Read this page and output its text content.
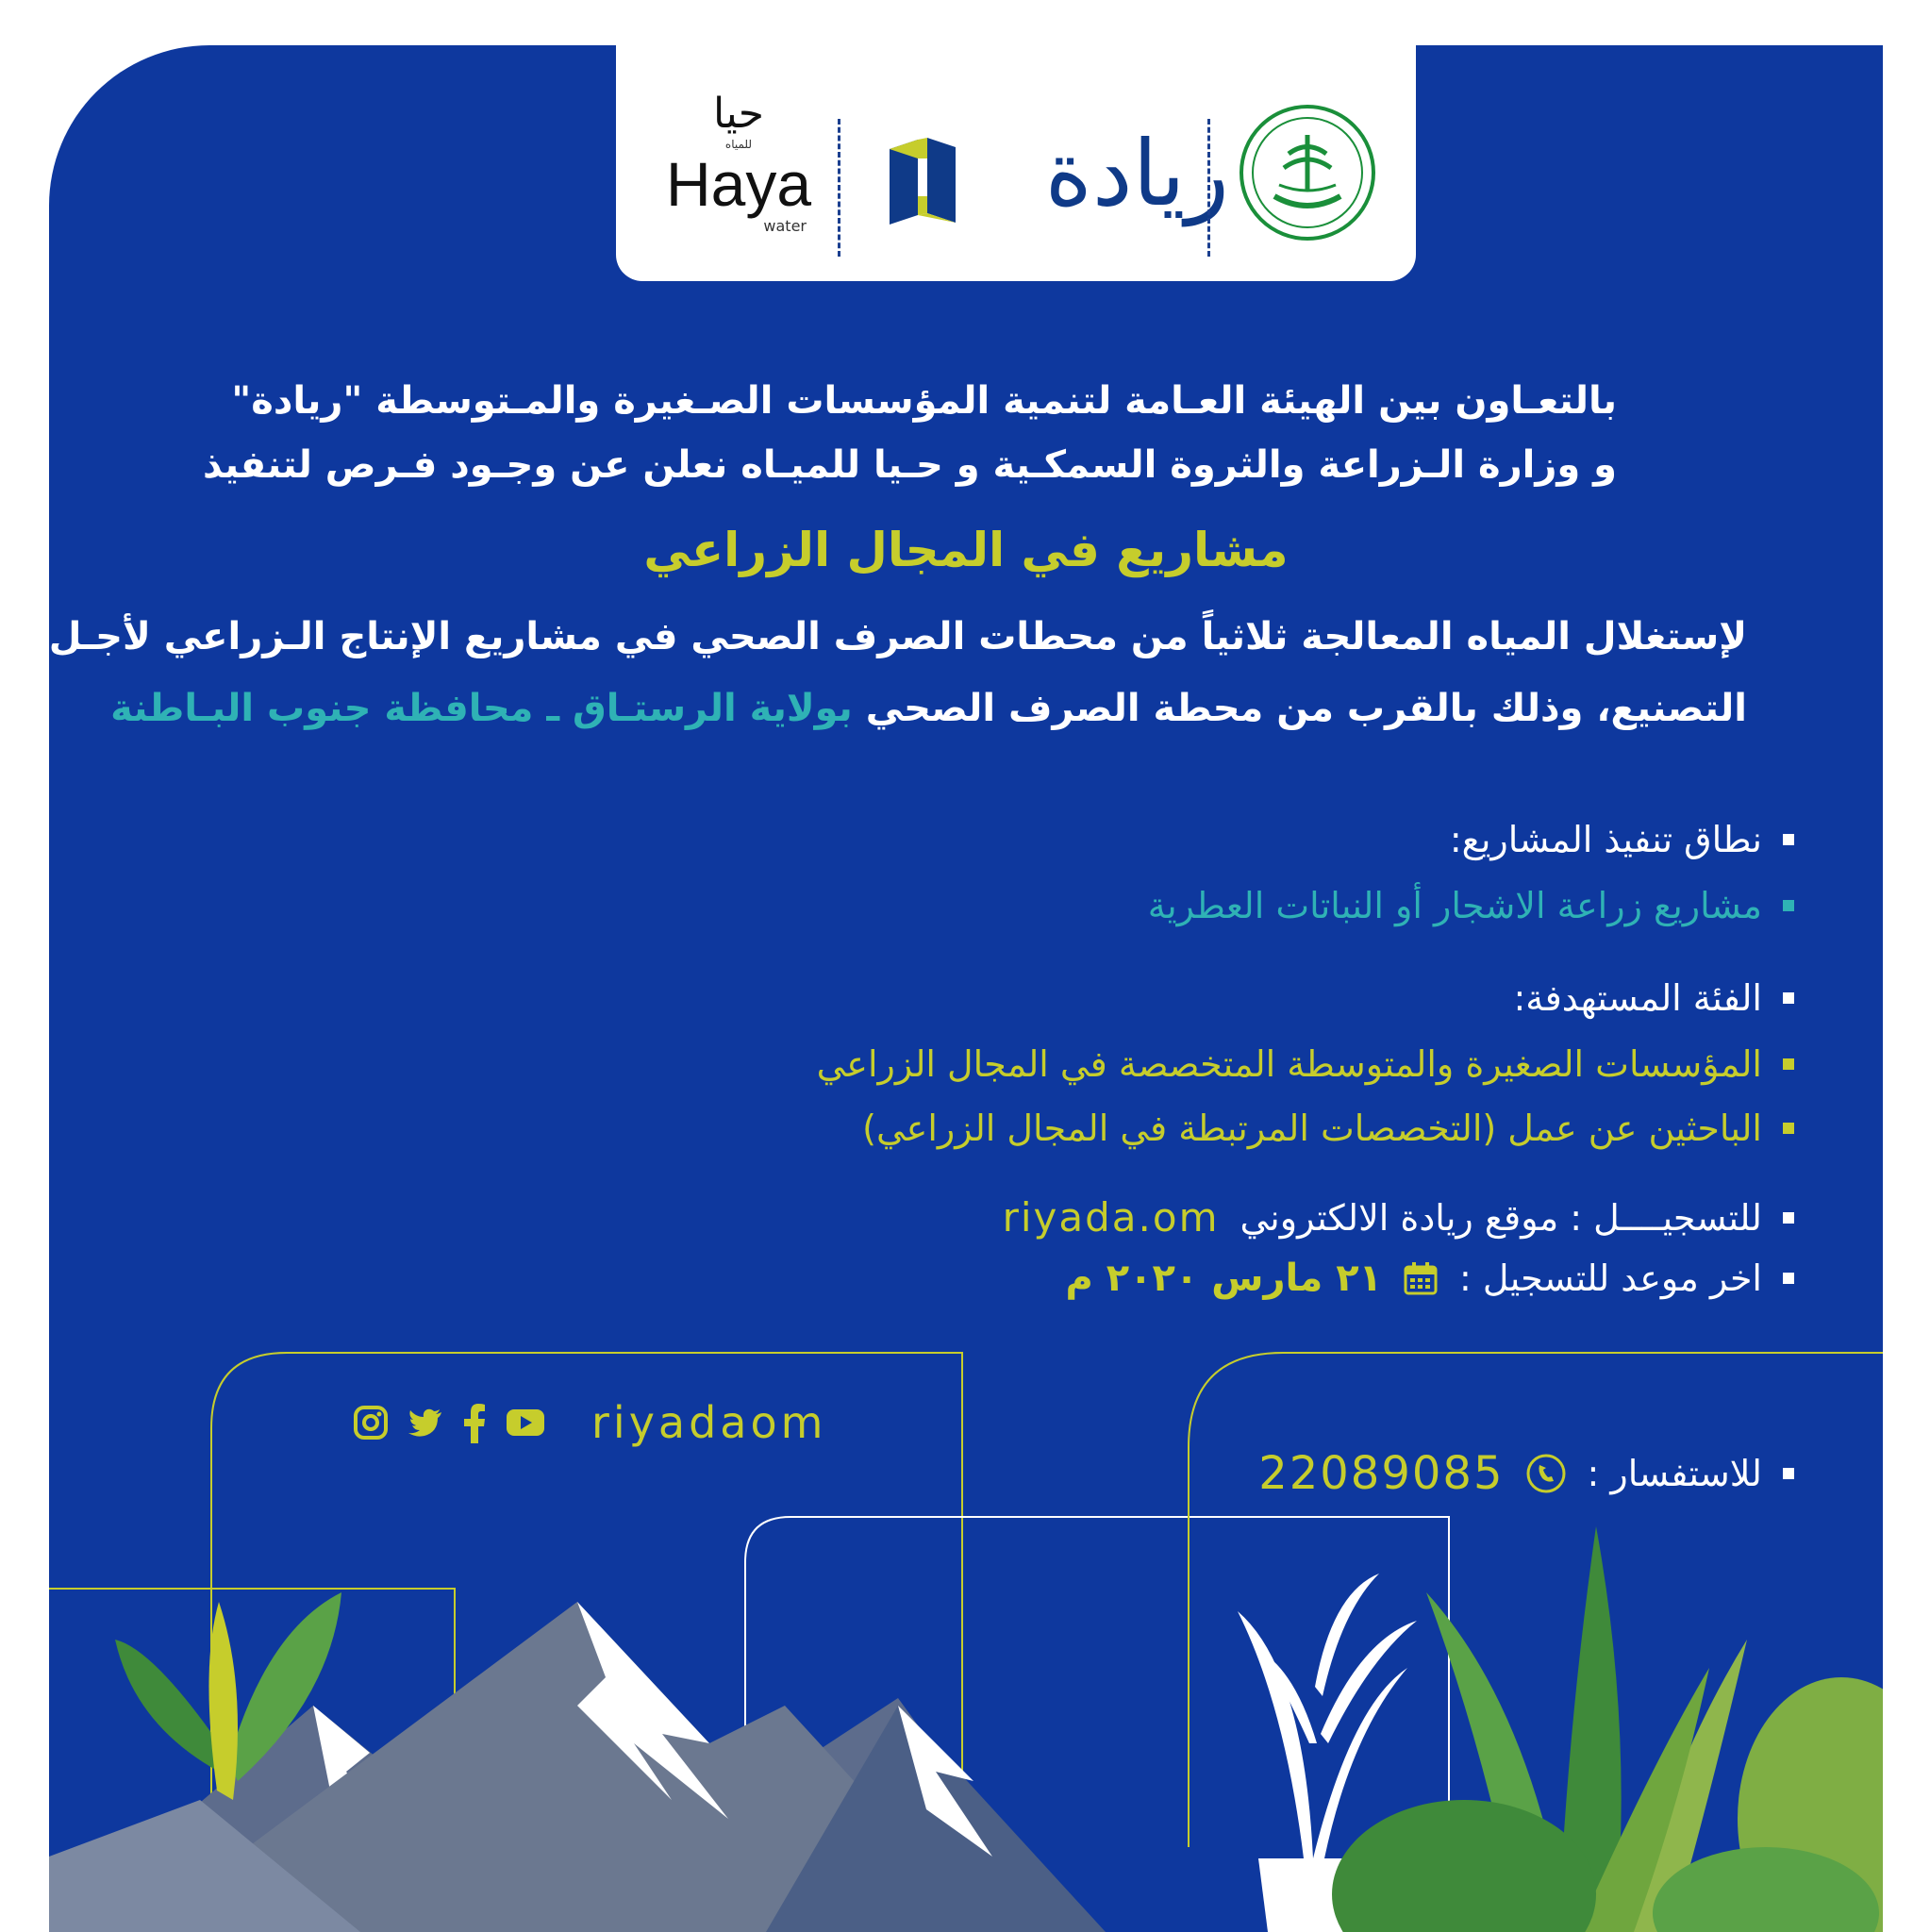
حيا
للمياه
Haya
water	ريادة
بالتعـاون بين الهيئة العـامة لتنمية المؤسسات الصـغيرة والمـتوسطة "ريادة"
و وزارة الـزراعة والثروة السمكـية و حـيا للميـاه نعلن عن وجـود فـرص لتنفيذ
مشاريع في المجال الزراعي
لإستغلال المياه المعالجة ثلاثياً من محطات الصرف الصحي في مشاريع الإنتاج الـزراعي لأجـل
التصنيع، وذلك بالقرب من محطة الصرف الصحي بولاية الرستـاق ـ محافظة جنوب البـاطنة
نطاق تنفيذ المشاريع:
مشاريع زراعة الاشجار أو النباتات العطرية
الفئة المستهدفة:
المؤسسات الصغيرة والمتوسطة المتخصصة في المجال الزراعي
الباحثين عن عمل (التخصصات المرتبطة في المجال الزراعي)
للتسجيــــل : موقع ريادة الالكتروني
riyada.om
اخر موعد للتسجيل :
٢١ مارس ٢٠٢٠ م
للاستفسار :
22089085
riyadaom
